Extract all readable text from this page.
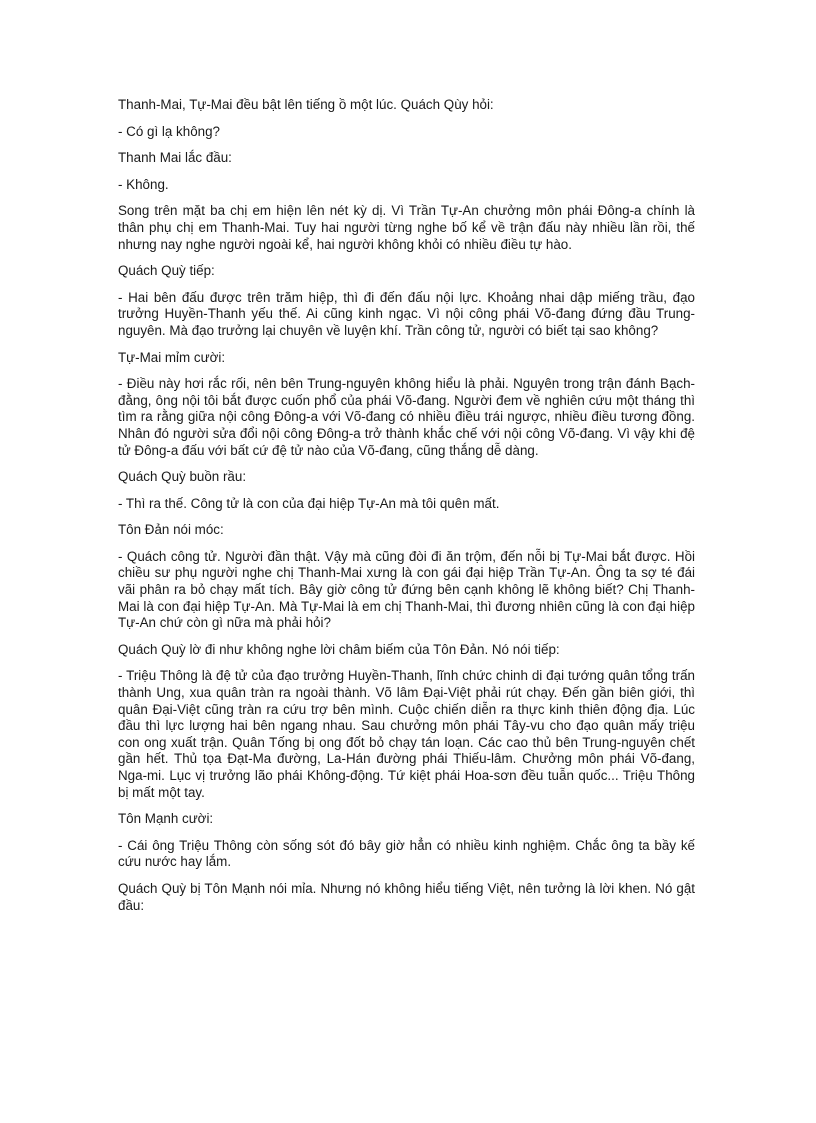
Thanh-Mai, Tự-Mai đều bật lên tiếng ồ một lúc. Quách Qùy hỏi:

- Có gì lạ không?

Thanh Mai lắc đầu:

- Không.

Song trên mặt ba chị em hiện lên nét kỳ dị. Vì Trần Tự-An chưởng môn phái Đông-a chính là thân phụ chị em Thanh-Mai. Tuy hai người từng nghe bố kể về trận đấu này nhiều lần rồi, thế nhưng nay nghe người ngoài kể, hai người không khỏi có nhiều điều tự hào.

Quách Quỳ tiếp:

- Hai bên đấu được trên trăm hiệp, thì đi đến đấu nội lực. Khoảng nhai dập miếng trầu, đạo trưởng Huyền-Thanh yếu thế. Ai cũng kinh ngạc. Vì nội công phái Võ-đang đứng đầu Trung-nguyên. Mà đạo trưởng lại chuyên về luyện khí. Trần công tử, người có biết tại sao không?

Tự-Mai mỉm cười:

- Điều này hơi rắc rối, nên bên Trung-nguyên không hiểu là phải. Nguyên trong trận đánh Bạch-đằng, ông nội tôi bắt được cuốn phổ của phái Võ-đang. Người đem về nghiên cứu một tháng thì tìm ra rằng giữa nội công Đông-a với Võ-đang có nhiều điều trái ngược, nhiều điều tương đồng. Nhân đó người sửa đổi nội công Đông-a trở thành khắc chế với nội công Võ-đang. Vì vậy khi đệ tử Đông-a đấu với bất cứ đệ tử nào của Võ-đang, cũng thắng dễ dàng.

Quách Quỳ buồn rầu:

- Thì ra thế. Công tử là con của đại hiệp Tự-An mà tôi quên mất.

Tôn Đản nói móc:

- Quách công tử. Người đần thật. Vậy mà cũng đòi đi ăn trộm, đến nỗi bị Tự-Mai bắt được. Hồi chiều sư phụ người nghe chị Thanh-Mai xưng là con gái đại hiệp Trần Tự-An. Ông ta sợ té đái vãi phân ra bỏ chạy mất tích. Bây giờ công tử đứng bên cạnh không lẽ không biết? Chị Thanh-Mai là con đại hiệp Tự-An. Mà Tự-Mai là em chị Thanh-Mai, thì đương nhiên cũng là con đại hiệp Tự-An chứ còn gì nữa mà phải hỏi?

Quách Quỳ lờ đi như không nghe lời châm biếm của Tôn Đản. Nó nói tiếp:

- Triệu Thông là đệ tử của đạo trưởng Huyền-Thanh, lĩnh chức chinh di đại tướng quân tổng trấn thành Ung, xua quân tràn ra ngoài thành. Võ lâm Đại-Việt phải rút chạy. Đến gần biên giới, thì quân Đại-Việt cũng tràn ra cứu trợ bên mình. Cuộc chiến diễn ra thực kinh thiên động địa. Lúc đầu thì lực lượng hai bên ngang nhau. Sau chưởng môn phái Tây-vu cho đạo quân mấy triệu con ong xuất trận. Quân Tống bị ong đốt bỏ chạy tán loạn. Các cao thủ bên Trung-nguyên chết gần hết. Thủ tọa Đạt-Ma đường, La-Hán đường phái Thiếu-lâm. Chưởng môn phái Võ-đang, Nga-mi. Lục vị trưởng lão phái Không-động. Tứ kiệt phái Hoa-sơn đều tuẫn quốc... Triệu Thông bị mất một tay.

Tôn Mạnh cười:

- Cái ông Triệu Thông còn sống sót đó bây giờ hẳn có nhiều kinh nghiệm. Chắc ông ta bầy kế cứu nước hay lắm.

Quách Quỳ bị Tôn Mạnh nói mỉa. Nhưng nó không hiểu tiếng Việt, nên tưởng là lời khen. Nó gật đầu:
